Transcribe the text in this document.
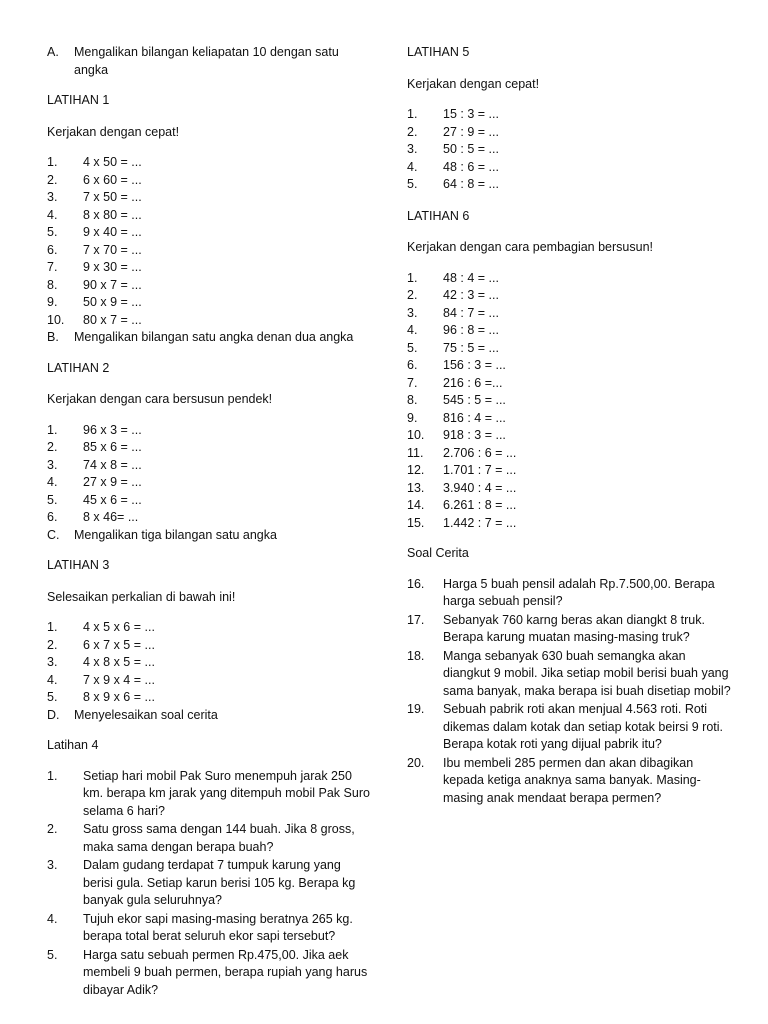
A.	Mengalikan bilangan keliapatan 10 dengan satu angka
LATIHAN 1
Kerjakan dengan cepat!
1.	4 x 50 = ...
2.	6 x 60 = ...
3.	7 x 50 = ...
4.	8 x 80 = ...
5.	9 x 40 = ...
6.	7 x 70 = ...
7.	9 x 30 = ...
8.	90 x 7 = ...
9.	50 x 9 = ...
10.	80 x 7 = ...
B.	Mengalikan bilangan satu angka denan dua angka
LATIHAN 2
Kerjakan dengan cara bersusun pendek!
1.	96 x 3 = ...
2.	85 x 6 = ...
3.	74 x 8 = ...
4.	27 x 9 = ...
5.	45 x 6 = ...
6.	8 x 46= ...
C.	Mengalikan tiga bilangan satu angka
LATIHAN 3
Selesaikan perkalian di bawah ini!
1.	4 x 5 x 6 = ...
2.	6 x 7 x 5 = ...
3.	4 x 8 x 5 = ...
4.	7 x 9 x 4 = ...
5.	8 x 9 x 6 = ...
D.	Menyelesaikan soal cerita
Latihan 4
1.	Setiap hari mobil Pak Suro menempuh jarak 250 km. berapa km jarak yang ditempuh mobil Pak Suro selama 6 hari?
2.	Satu gross sama dengan 144 buah. Jika 8 gross, maka sama dengan berapa buah?
3.	Dalam gudang terdapat 7 tumpuk karung yang berisi gula. Setiap karun berisi 105 kg. Berapa kg banyak gula seluruhnya?
4.	Tujuh ekor sapi masing-masing beratnya 265 kg. berapa total berat seluruh ekor sapi tersebut?
5.	Harga satu sebuah permen Rp.475,00. Jika aek membeli 9 buah permen, berapa rupiah yang harus dibayar Adik?
LATIHAN 5
Kerjakan dengan cepat!
1.	15 : 3 = ...
2.	27 : 9 = ...
3.	50 : 5 = ...
4.	48 : 6 = ...
5.	64 : 8 = ...
LATIHAN 6
Kerjakan dengan cara pembagian bersusun!
1.	48 : 4 = ...
2.	42 : 3 = ...
3.	84 : 7 = ...
4.	96 : 8 = ...
5.	75 : 5 = ...
6.	156 : 3 = ...
7.	216 : 6 =...
8.	545 : 5 = ...
9.	816 : 4 = ...
10.	918 : 3 = ...
11.	2.706 : 6 = ...
12.	1.701 : 7 = ...
13.	3.940 : 4 = ...
14.	6.261 : 8 = ...
15.	1.442 : 7 = ...
Soal Cerita
16.	Harga 5 buah pensil adalah Rp.7.500,00. Berapa harga sebuah pensil?
17.	Sebanyak 760 karng beras akan diangkt 8 truk. Berapa karung muatan masing-masing truk?
18.	Manga sebanyak 630 buah semangka akan diangkut 9 mobil. Jika setiap mobil berisi buah yang sama banyak, maka berapa isi buah disetiap mobil?
19.	Sebuah pabrik roti akan menjual 4.563 roti. Roti dikemas dalam kotak dan setiap kotak beirsi 9 roti. Berapa kotak roti yang dijual pabrik itu?
20.	Ibu membeli 285 permen dan akan dibagikan kepada ketiga anaknya sama banyak. Masing-masing anak mendaat berapa permen?
